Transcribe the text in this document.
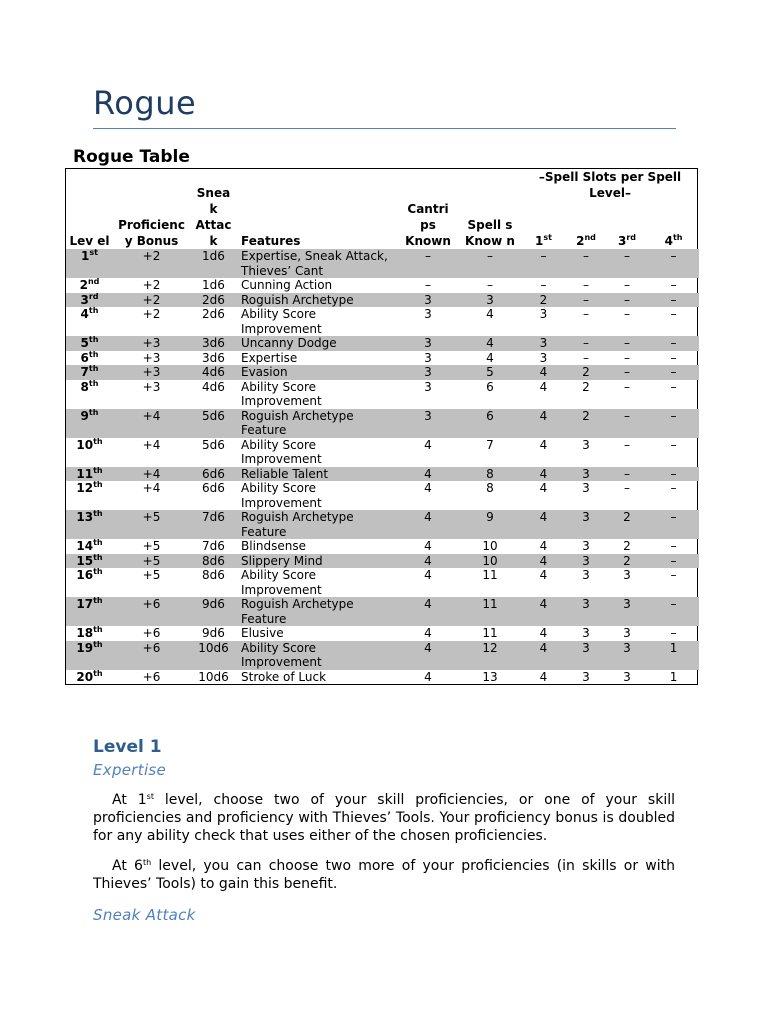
Rogue
Rogue Table
Lev el	Proficienc y Bonus	Snea k Attac k	Features	Cantri ps Known	Spell s Know n	–Spell Slots per Spell Level–			
						1st	2nd	3rd	4th
1st	+2	1d6	Expertise, Sneak Attack, Thieves’ Cant	–	–	–	–	–	–
2nd	+2	1d6	Cunning Action	–	–	–	–	–	–
3rd	+2	2d6	Roguish Archetype	3	3	2	–	–	–
4th	+2	2d6	Ability Score Improvement	3	4	3	–	–	–
5th	+3	3d6	Uncanny Dodge	3	4	3	–	–	–
6th	+3	3d6	Expertise	3	4	3	–	–	–
7th	+3	4d6	Evasion	3	5	4	2	–	–
8th	+3	4d6	Ability Score Improvement	3	6	4	2	–	–
9th	+4	5d6	Roguish Archetype Feature	3	6	4	2	–	–
10th	+4	5d6	Ability Score Improvement	4	7	4	3	–	–
11th	+4	6d6	Reliable Talent	4	8	4	3	–	–
12th	+4	6d6	Ability Score Improvement	4	8	4	3	–	–
13th	+5	7d6	Roguish Archetype Feature	4	9	4	3	2	–
14th	+5	7d6	Blindsense	4	10	4	3	2	–
15th	+5	8d6	Slippery Mind	4	10	4	3	2	–
16th	+5	8d6	Ability Score Improvement	4	11	4	3	3	–
17th	+6	9d6	Roguish Archetype Feature	4	11	4	3	3	–
18th	+6	9d6	Elusive	4	11	4	3	3	–
19th	+6	10d6	Ability Score Improvement	4	12	4	3	3	1
20th	+6	10d6	Stroke of Luck	4	13	4	3	3	1
Level 1
Expertise
At 1st level, choose two of your skill proficiencies, or one of your skill proficiencies and proficiency with Thieves’ Tools. Your proficiency bonus is doubled for any ability check that uses either of the chosen proficiencies.
At 6th level, you can choose two more of your proficiencies (in skills or with Thieves’ Tools) to gain this benefit.
Sneak Attack
